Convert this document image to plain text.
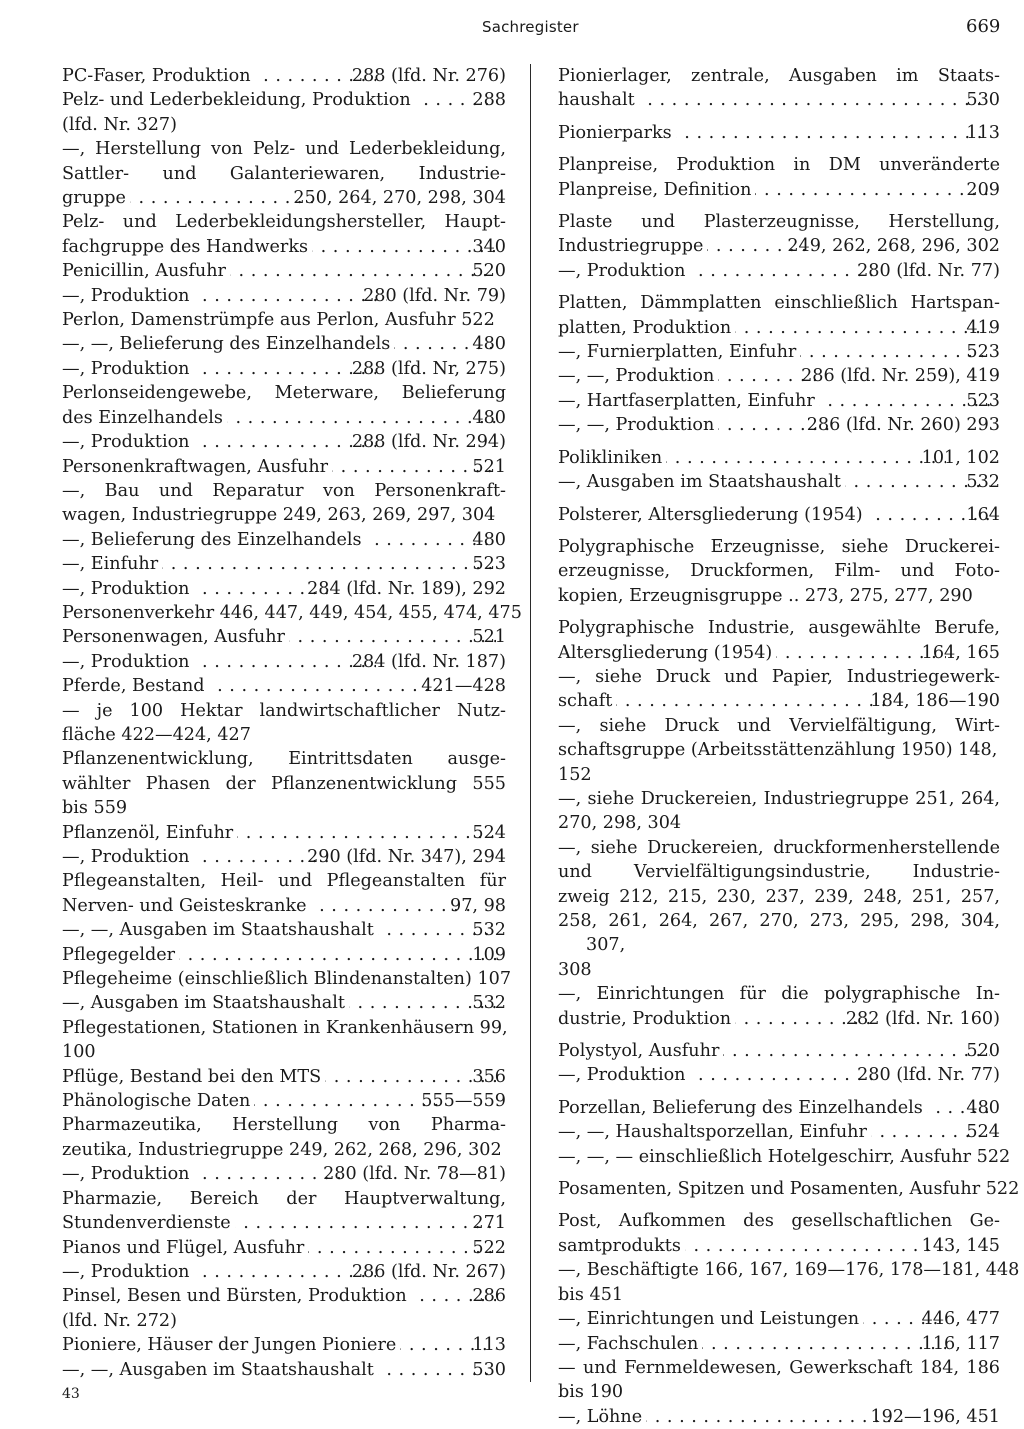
Sachregister	669
PC-Faser, Produktion . . .	288 (lfd. Nr. 276)
Pelz- und Lederbekleidung, Produktion . . .	288
(lfd. Nr. 327)
—, Herstellung von Pelz- und Lederbekleidung,
Sattler- und Galanteriewaren, Industrie-
gruppe . . .	250, 264, 270, 298, 304
Pelz- und Lederbekleidungshersteller, Haupt-
fachgruppe des Handwerks . . .	340
Penicillin, Ausfuhr . . .	520
—, Produktion . . .	280 (lfd. Nr. 79)
Perlon, Damenstrümpfe aus Perlon, Ausfuhr 522
—, —, Belieferung des Einzelhandels . . .	480
—, Produktion . . .	288 (lfd. Nr, 275)
Perlonseidengewebe, Meterware, Belieferung
des Einzelhandels . . .	480
—, Produktion . . .	288 (lfd. Nr. 294)
Personenkraftwagen, Ausfuhr . . .	521
—, Bau und Reparatur von Personenkraft-
wagen, Industriegruppe 249, 263, 269, 297, 304
—, Belieferung des Einzelhandels . . .	480
—, Einfuhr . . .	523
—, Produktion . . .	284 (lfd. Nr. 189), 292
Personenverkehr 446, 447, 449, 454, 455, 474, 475
Personenwagen, Ausfuhr . . .	521
—, Produktion . . .	284 (lfd. Nr. 187)
Pferde, Bestand . . .	421—428
— je 100 Hektar landwirtschaftlicher Nutz-
fläche 422—424, 427
Pflanzenentwicklung, Eintrittsdaten ausge-
wählter Phasen der Pflanzenentwicklung 555
bis 559
Pflanzenöl, Einfuhr . . .	524
—, Produktion . . .	290 (lfd. Nr. 347), 294
Pflegeanstalten, Heil- und Pflegeanstalten für
Nerven- und Geisteskranke . . .	97, 98
—, —, Ausgaben im Staatshaushalt . . .	532
Pflegegelder . . .	109
Pflegeheime (einschließlich Blindenanstalten) 107
—, Ausgaben im Staatshaushalt . . .	532
Pflegestationen, Stationen in Krankenhäusern 99,
100
Pflüge, Bestand bei den MTS . . .	356
Phänologische Daten . . .	555—559
Pharmazeutika, Herstellung von Pharma-
zeutika, Industriegruppe 249, 262, 268, 296, 302
—, Produktion . . .	280 (lfd. Nr. 78—81)
Pharmazie, Bereich der Hauptverwaltung,
Stundenverdienste . . .	271
Pianos und Flügel, Ausfuhr . . .	522
—, Produktion . . .	286 (lfd. Nr. 267)
Pinsel, Besen und Bürsten, Produktion . . .	286
(lfd. Nr. 272)
Pioniere, Häuser der Jungen Pioniere . . .	113
—, —, Ausgaben im Staatshaushalt . . .	530
Pionierlager, zentrale, Ausgaben im Staats-
haushalt . . .	530
Pionierparks . . .	113
Planpreise, Produktion in DM unveränderte
Planpreise, Definition . . .	209
Plaste und Plasterzeugnisse, Herstellung,
Industriegruppe . . .	249, 262, 268, 296, 302
—, Produktion . . .	280 (lfd. Nr. 77)
Platten, Dämmplatten einschließlich Hartspan-
platten, Produktion . . .	419
—, Furnierplatten, Einfuhr . . .	523
—, —, Produktion . . .	286 (lfd. Nr. 259), 419
—, Hartfaserplatten, Einfuhr . . .	523
—, —, Produktion . . .	286 (lfd. Nr. 260) 293
Polikliniken . . .	101, 102
—, Ausgaben im Staatshaushalt . . .	532
Polsterer, Altersgliederung (1954) . . .	164
Polygraphische Erzeugnisse, siehe Druckerei-
erzeugnisse, Druckformen, Film- und Foto-
kopien, Erzeugnisgruppe .. 273, 275, 277, 290
Polygraphische Industrie, ausgewählte Berufe,
Altersgliederung (1954) . . .	164, 165
—, siehe Druck und Papier, Industriegewerk-
schaft . . .	184, 186—190
—, siehe Druck und Vervielfältigung, Wirt-
schaftsgruppe (Arbeitsstättenzählung 1950) 148,
152
—, siehe Druckereien, Industriegruppe 251, 264,
270, 298, 304
—, siehe Druckereien, druckformenherstellende
und Vervielfältigungsindustrie, Industrie-
zweig 212, 215, 230, 237, 239, 248, 251, 257,
258, 261, 264, 267, 270, 273, 295, 298, 304, 307,
308
—, Einrichtungen für die polygraphische In-
dustrie, Produktion . . .	282 (lfd. Nr. 160)
Polystyol, Ausfuhr . . .	520
—, Produktion . . .	280 (lfd. Nr. 77)
Porzellan, Belieferung des Einzelhandels . . . 480
—, —, Haushaltsporzellan, Einfuhr . . .	524
—, —, — einschließlich Hotelgeschirr, Ausfuhr 522
Posamenten, Spitzen und Posamenten, Ausfuhr 522
Post, Aufkommen des gesellschaftlichen Ge-
samtprodukts . . .	143, 145
—, Beschäftigte 166, 167, 169—176, 178—181, 448
bis 451
—, Einrichtungen und Leistungen . . .	446, 477
—, Fachschulen . . .	116, 117
— und Fernmeldewesen, Gewerkschaft 184, 186
bis 190
—, Löhne . . .	192—196, 451
43
